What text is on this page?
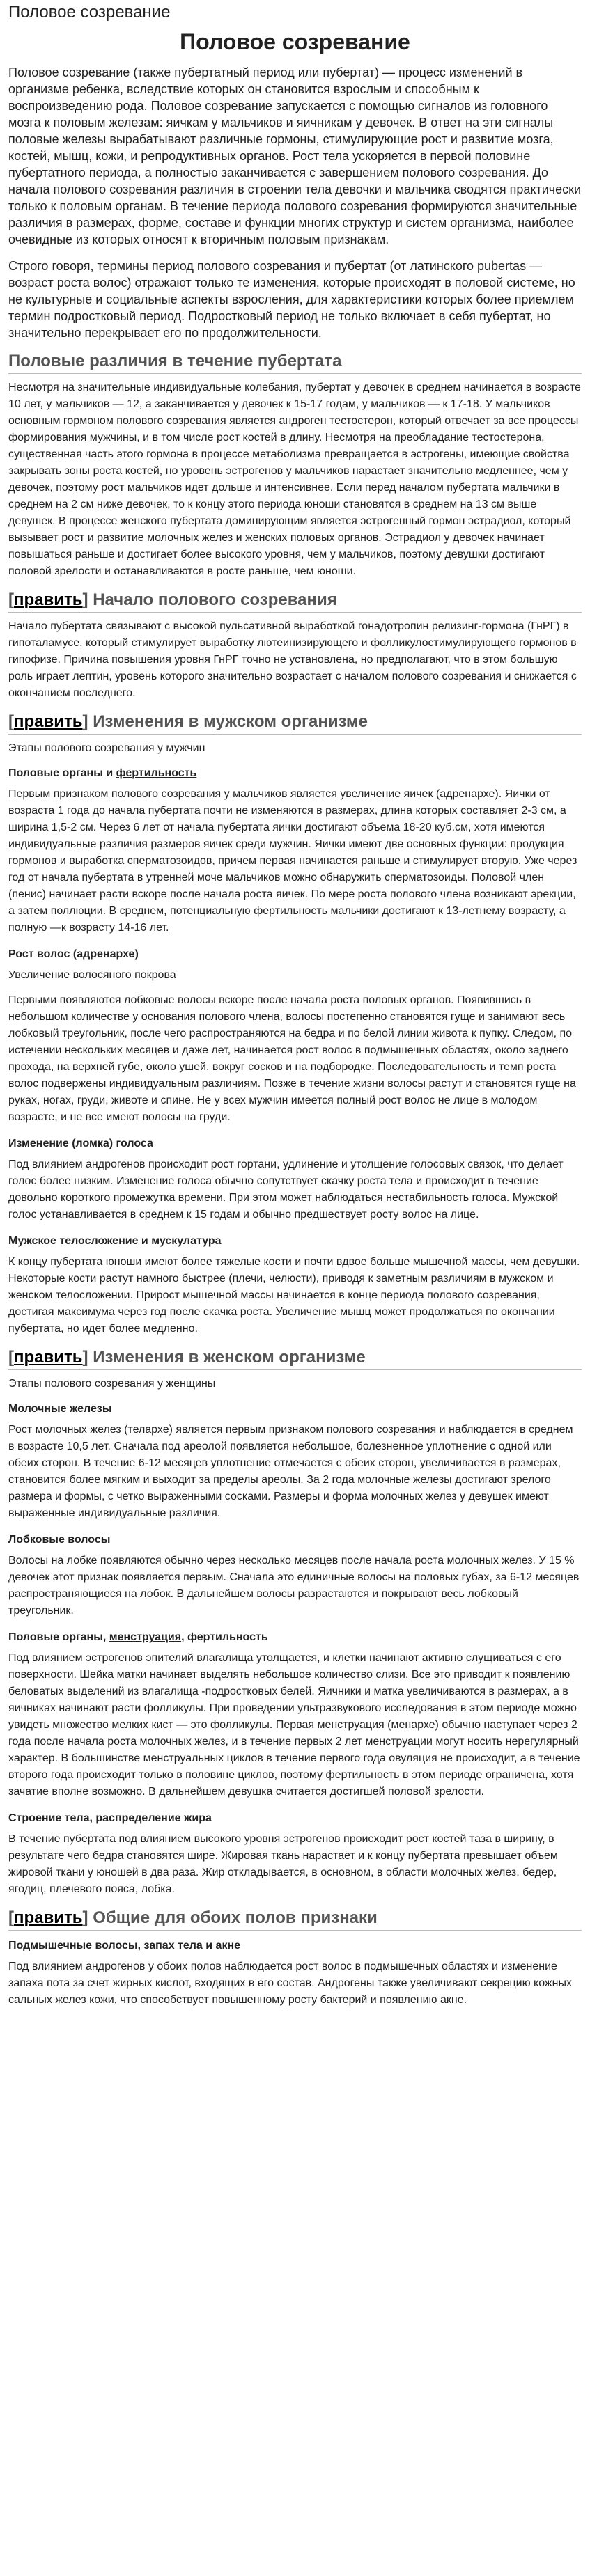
Половое созревание
Половое созревание

Половое созревание (также пубертатный период или пубертат) — процесс изменений в организме ребенка, вследствие которых он становится взрослым и способным к воспроизведению рода. Половое созревание запускается с помощью сигналов из головного мозга к половым железам: яичкам у мальчиков и яичникам у девочек. В ответ на эти сигналы половые железы вырабатывают различные гормоны, стимулирующие рост и развитие мозга, костей, мышц, кожи, и репродуктивных органов. Рост тела ускоряется в первой половине пубертатного периода, а полностью заканчивается с завершением полового созревания. До начала полового созревания различия в строении тела девочки и мальчика сводятся практически только к половым органам. В течение периода полового созревания формируются значительные различия в размерах, форме, составе и функции многих структур и систем организма, наиболее очевидные из которых относят к вторичным половым признакам.

Строго говоря, термины период полового созревания и пубертат (от латинского pubertas — возраст роста волос) отражают только те изменения, которые происходят в половой системе, но не культурные и социальные аспекты взросления, для характеристики которых более приемлем термин подростковый период. Подростковый период не только включает в себя пубертат, но значительно перекрывает его по продолжительности.

Половые различия в течение пубертата

Несмотря на значительные индивидуальные колебания, пубертат у девочек в среднем начинается в возрасте 10 лет, у мальчиков — 12, а заканчивается у девочек к 15-17 годам, у мальчиков — к 17-18. У мальчиков основным гормоном полового созревания является андроген тестостерон, который отвечает за все процессы формирования мужчины, и в том числе рост костей в длину. Несмотря на преобладание тестостерона, существенная часть этого гормона в процессе метаболизма превращается в эстрогены, имеющие свойства закрывать зоны роста костей, но уровень эстрогенов у мальчиков нарастает значительно медленнее, чем у девочек, поэтому рост мальчиков идет дольше и интенсивнее. Если перед началом пубертата мальчики в среднем на 2 см ниже девочек, то к концу этого периода юноши становятся в среднем на 13 см выше девушек. В процессе женского пубертата доминирующим является эстрогенный гормон эстрадиол, который вызывает рост и развитие молочных желез и женских половых органов. Эстрадиол у девочек начинает повышаться раньше и достигает более высокого уровня, чем у мальчиков, поэтому девушки достигают половой зрелости и останавливаются в росте раньше, чем юноши.

[править] Начало полового созревания

Начало пубертата связывают с высокой пульсативной выработкой гонадотропин релизинг-гормона (ГнРГ) в гипоталамусе, который стимулирует выработку лютеинизирующего и фолликулостимулирующего гормонов в гипофизе. Причина повышения уровня ГнРГ точно не установлена, но предполагают, что в этом большую роль играет лептин, уровень которого значительно возрастает с началом полового созревания и снижается с окончанием последнего.

[править] Изменения в мужском организме
Этапы полового созревания у мужчин
Половые органы и фертильность

Первым признаком полового созревания у мальчиков является увеличение яичек (адренархе). Яички от возраста 1 года до начала пубертата почти не изменяются в размерах, длина которых составляет 2-3 см, а ширина 1,5-2 см. Через 6 лет от начала пубертата яички достигают объема 18-20 куб.см, хотя имеются индивидуальные различия размеров яичек среди мужчин. Яички имеют две основных функции: продукция гормонов и выработка сперматозоидов, причем первая начинается раньше и стимулирует вторую. Уже через год от начала пубертата в утренней моче мальчиков можно обнаружить сперматозоиды. Половой член (пенис) начинает расти вскоре после начала роста яичек. По мере роста полового члена возникают эрекции, а затем поллюции. В среднем, потенциальную фертильность мальчики достигают к 13-летнему возрасту, а полную —к возрасту 14-16 лет.

Рост волос (адренархе)
Увеличение волосяного покрова

Первыми появляются лобковые волосы вскоре после начала роста половых органов. Появившись в небольшом количестве у основания полового члена, волосы постепенно становятся гуще и занимают весь лобковый треугольник, после чего распространяются на бедра и по белой линии живота к пупку. Следом, по истечении нескольких месяцев и даже лет, начинается рост волос в подмышечных областях, около заднего прохода, на верхней губе, около ушей, вокруг сосков и на подбородке. Последовательность и темп роста волос подвержены индивидуальным различиям. Позже в течение жизни волосы растут и становятся гуще на руках, ногах, груди, животе и спине. Не у всех мужчин имеется полный рост волос не лице в молодом возрасте, и не все имеют волосы на груди.

Изменение (ломка) голоса

Под влиянием андрогенов происходит рост гортани, удлинение и утолщение голосовых связок, что делает голос более низким. Изменение голоса обычно сопутствует скачку роста тела и происходит в течение довольно короткого промежутка времени. При этом может наблюдаться нестабильность голоса. Мужской голос устанавливается в среднем к 15 годам и обычно предшествует росту волос на лице.

Мужское телосложение и мускулатура

К концу пубертата юноши имеют более тяжелые кости и почти вдвое больше мышечной массы, чем девушки. Некоторые кости растут намного быстрее (плечи, челюсти), приводя к заметным различиям в мужском и женском телосложении. Прирост мышечной массы начинается в конце периода полового созревания, достигая максимума через год после скачка роста. Увеличение мышц может продолжаться по окончании пубертата, но идет более медленно.

[править] Изменения в женском организме
Этапы полового созревания у женщины
Молочные железы

Рост молочных желез (телархе) является первым признаком полового созревания и наблюдается в среднем в возрасте 10,5 лет. Сначала под ареолой появляется небольшое, болезненное уплотнение с одной или обеих сторон. В течение 6-12 месяцев уплотнение отмечается с обеих сторон, увеличивается в размерах, становится более мягким и выходит за пределы ареолы. За 2 года молочные железы достигают зрелого размера и формы, с четко выраженными сосками. Размеры и форма молочных желез у девушек имеют выраженные индивидуальные различия.

Лобковые волосы

Волосы на лобке появляются обычно через несколько месяцев после начала роста молочных желез. У 15 % девочек этот признак появляется первым. Сначала это единичные волосы на половых губах, за 6-12 месяцев распространяющиеся на лобок. В дальнейшем волосы разрастаются и покрывают весь лобковый треугольник.

Половые органы, менструация, фертильность

Под влиянием эстрогенов эпителий влагалища утолщается, и клетки начинают активно слущиваться с его поверхности. Шейка матки начинает выделять небольшое количество слизи. Все это приводит к появлению беловатых выделений из влагалища -подростковых белей. Яичники и матка увеличиваются в размерах, а в яичниках начинают расти фолликулы. При проведении ультразвукового исследования в этом периоде можно увидеть множество мелких кист — это фолликулы. Первая менструация (менархе) обычно наступает через 2 года после начала роста молочных желез, и в течение первых 2 лет менструации могут носить нерегулярный характер. В большинстве менструальных циклов в течение первого года овуляция не происходит, а в течение второго года происходит только в половине циклов, поэтому фертильность в этом периоде ограничена, хотя зачатие вполне возможно. В дальнейшем девушка считается достигшей половой зрелости.

Строение тела, распределение жира

В течение пубертата под влиянием высокого уровня эстрогенов происходит рост костей таза в ширину, в результате чего бедра становятся шире. Жировая ткань нарастает и к концу пубертата превышает объем жировой ткани у юношей в два раза. Жир откладывается, в основном, в области молочных желез, бедер, ягодиц, плечевого пояса, лобка.

[править] Общие для обоих полов признаки
Подмышечные волосы, запах тела и акне

Под влиянием андрогенов у обоих полов наблюдается рост волос в подмышечных областях и изменение запаха пота за счет жирных кислот, входящих в его состав. Андрогены также увеличивают секрецию кожных сальных желез кожи, что способствует повышенному росту бактерий и появлению акне.
